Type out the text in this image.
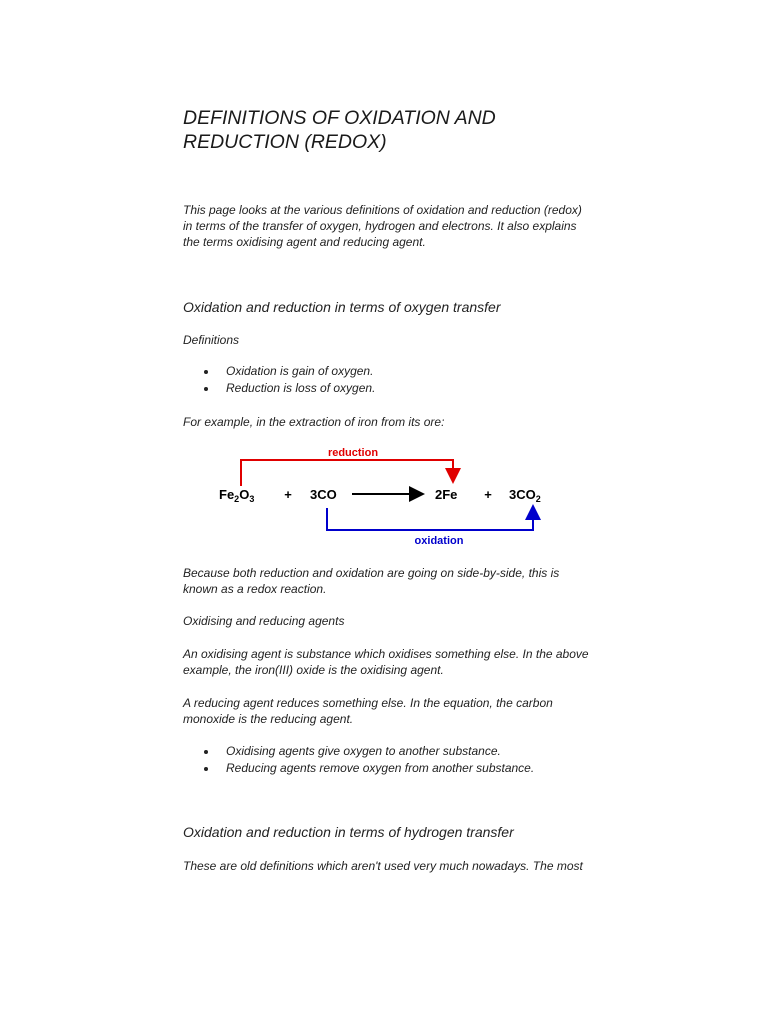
DEFINITIONS OF OXIDATION AND REDUCTION (REDOX)

This page looks at the various definitions of oxidation and reduction (redox) in terms of the transfer of oxygen, hydrogen and electrons. It also explains the terms oxidising agent and reducing agent.

Oxidation and reduction in terms of oxygen transfer

Definitions

Oxidation is gain of oxygen.
Reduction is loss of oxygen.

For example, in the extraction of iron from its ore:

reduction
$Fe_2O_3 + 3CO$	$2Fe + 3CO_2$
oxidation

Because both reduction and oxidation are going on side-by-side, this is known as a redox reaction.

Oxidising and reducing agents

An oxidising agent is substance which oxidises something else. In the above example, the iron(III) oxide is the oxidising agent.

A reducing agent reduces something else. In the equation, the carbon monoxide is the reducing agent.

Oxidising agents give oxygen to another substance.
Reducing agents remove oxygen from another substance.
Oxidation and reduction in terms of hydrogen transfer

These are old definitions which aren't used very much nowadays. The most
